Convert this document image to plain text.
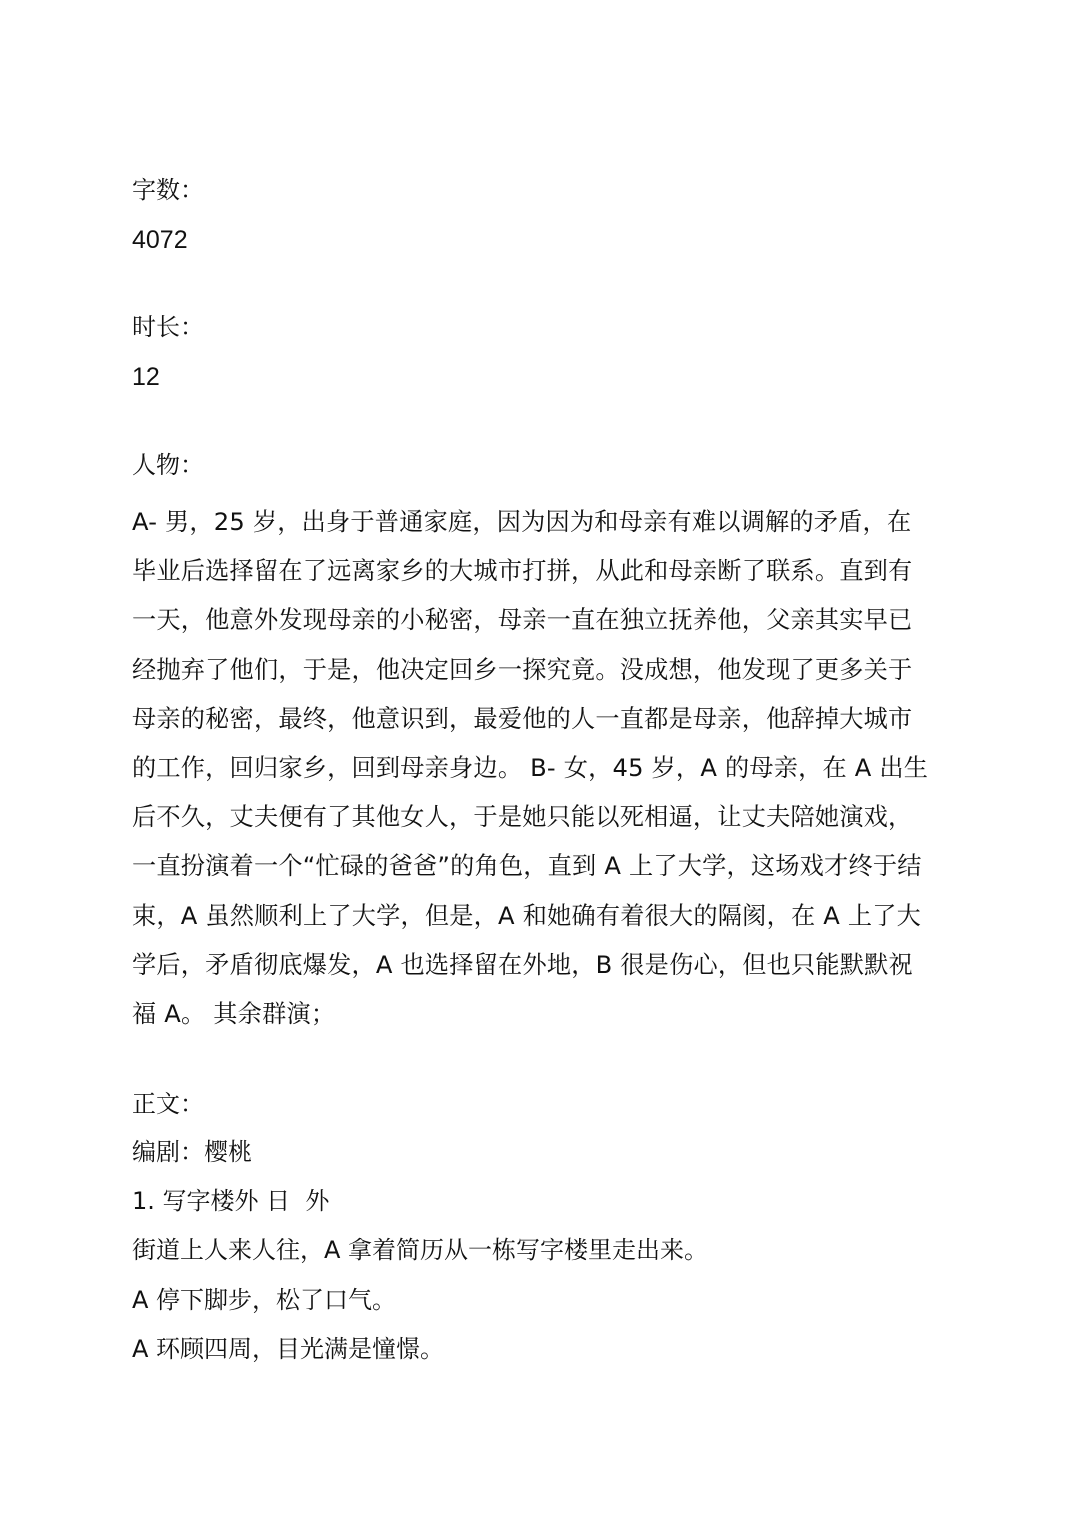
字数：
4072
时长：
12
人物：
A- 男，25 岁，出身于普通家庭，因为因为和母亲有难以调解的矛盾，在
毕业后选择留在了远离家乡的大城市打拼，从此和母亲断了联系。直到有
一天，他意外发现母亲的小秘密，母亲一直在独立抚养他，父亲其实早已
经抛弃了他们，于是，他决定回乡一探究竟。没成想，他发现了更多关于
母亲的秘密，最终，他意识到，最爱他的人一直都是母亲，他辞掉大城市
的工作，回归家乡，回到母亲身边。 B- 女，45 岁，A 的母亲，在 A 出生
后不久，丈夫便有了其他女人，于是她只能以死相逼，让丈夫陪她演戏，
一直扮演着一个“忙碌的爸爸”的角色，直到 A 上了大学，这场戏才终于结
束，A 虽然顺利上了大学，但是，A 和她确有着很大的隔阂，在 A 上了大
学后，矛盾彻底爆发，A 也选择留在外地，B 很是伤心，但也只能默默祝
福 A。 其余群演；
正文：
编剧：樱桃
1. 写字楼外 日  外
街道上人来人往，A 拿着简历从一栋写字楼里走出来。
A 停下脚步，松了口气。
A 环顾四周，目光满是憧憬。
